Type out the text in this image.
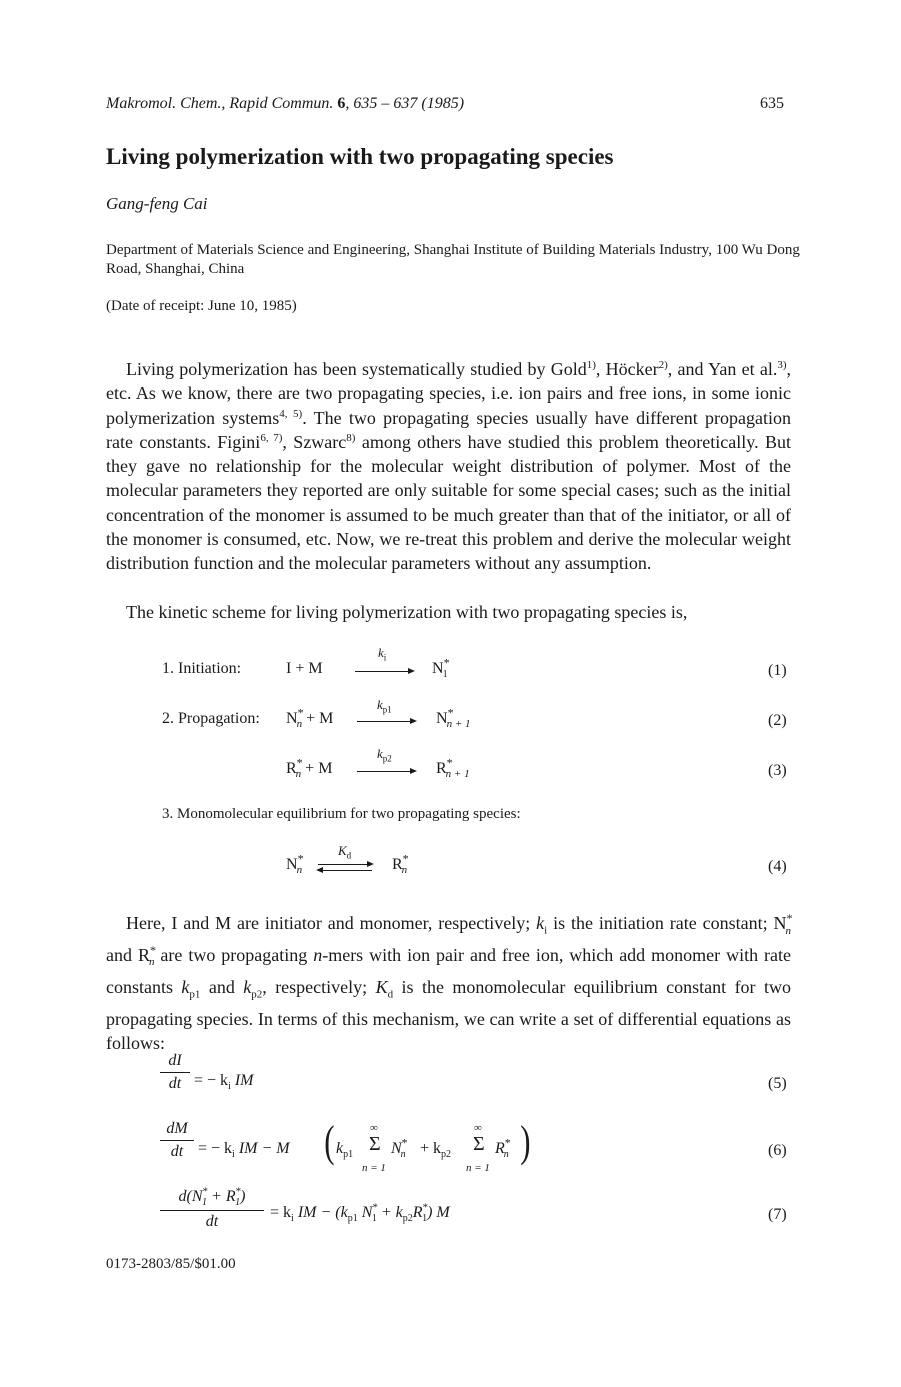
Makromol. Chem., Rapid Commun. 6, 635 – 637 (1985)	635
Living polymerization with two propagating species
Gang-feng Cai
Department of Materials Science and Engineering, Shanghai Institute of Building Materials Industry, 100 Wu Dong Road, Shanghai, China
(Date of receipt: June 10, 1985)
Living polymerization has been systematically studied by Gold$^{1)}$, Höcker$^{2)}$, and Yan et al.$^{3)}$, etc. As we know, there are two propagating species, i.e. ion pairs and free ions, in some ionic polymerization systems$^{4, 5)}$. The two propagating species usually have different propagation rate constants. Figini$^{6, 7)}$, Szwarc$^{8)}$ among others have studied this problem theoretically. But they gave no relationship for the molecular weight distribution of polymer. Most of the molecular parameters they reported are only suitable for some special cases; such as the initial concentration of the monomer is assumed to be much greater than that of the initiator, or all of the monomer is consumed, etc. Now, we re-treat this problem and derive the molecular weight distribution function and the molecular parameters without any assumption.
The kinetic scheme for living polymerization with two propagating species is,
1. Initiation:	I + M
$k_i$
$N^*_1$	(1)
2. Propagation: $N^*_n + M$
$k_{p1}$
$N^*_{n + 1}$	(2)
$R^*_n + M$
$k_{p2}$
$R^*_{n + 1}$	(3)
3. Monomolecular equilibrium for two propagating species:
$N^*_n$
$K_d$
$R^*_n$	(4)
Here, I and M are initiator and monomer, respectively; $k_i$ is the initiation rate constant; $N^*_n$ and $R^*_n$ are two propagating n-mers with ion pair and free ion, which add monomer with rate constants $k_{p1}$ and $k_{p2}$, respectively; $K_d$ is the monomolecular equilibrium constant for two propagating species. In terms of this mechanism, we can write a set of differential equations as follows:
$\frac{dI}{dt}$ = − $k_i$ IM	(5)
$\frac{dM}{dt}$ = − $k_i$ IM − M ( $k_{p1}$
∞
Σ
n = 1
$N^*_n + k_{p2}$
∞
Σ
n = 1
$R^*_n$ )	(6)
$\frac{d(N^*_1 + R^*_1)}{dt} = k_i$ IM − ($k_{p1}$ $N^*_1 + k_{p2}R^*_1$) M	(7)
0173-2803/85/$01.00
